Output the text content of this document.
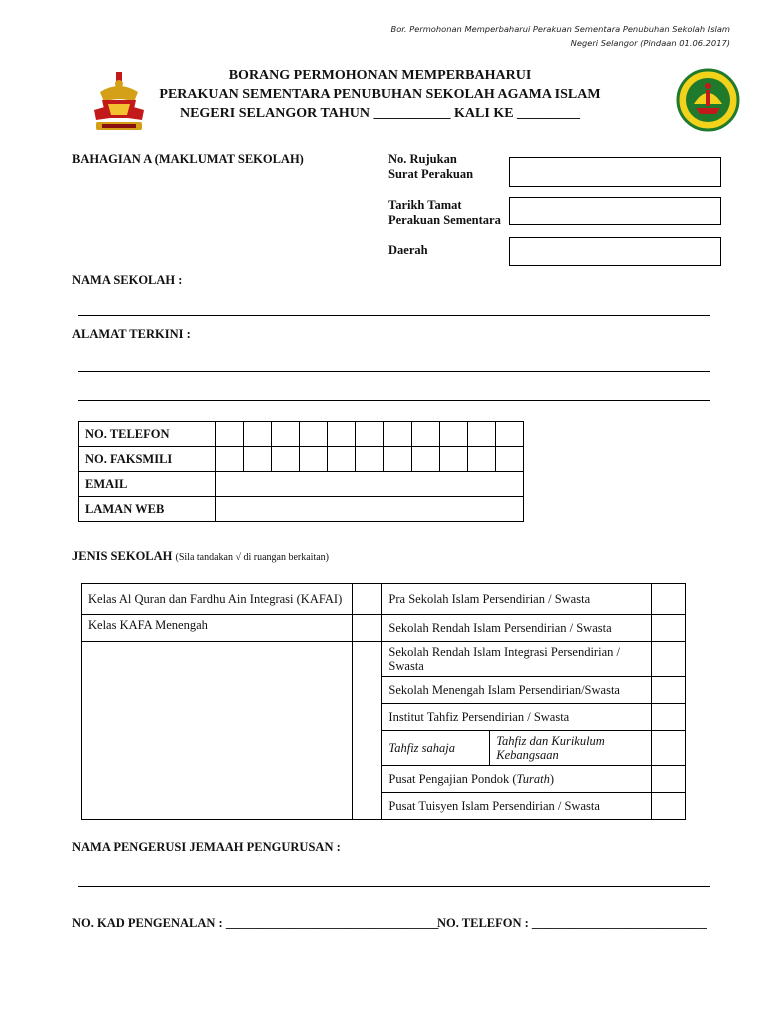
Bor. Permohonan Memperbaharui Perakuan Sementara Penubuhan Sekolah Islam
Negeri Selangor (Pindaan 01.06.2017)
BORANG PERMOHONAN MEMPERBAHARUI
PERAKUAN SEMENTARA PENUBUHAN SEKOLAH AGAMA ISLAM
NEGERI SELANGOR TAHUN ___________ KALI KE _________
BAHAGIAN A (MAKLUMAT SEKOLAH)	No. Rujukan
Surat Perakuan
Tarikh Tamat
Perakuan Sementara
Daerah
NAMA SEKOLAH :
ALAMAT TERKINI :
NO. TELEFON											
NO. FAKSMILI											
EMAIL											
LAMAN WEB											
JENIS SEKOLAH (Sila tandakan √ di ruangan berkaitan)
Kelas Al Quran dan Fardhu Ain Integrasi (KAFAI)		Pra Sekolah Islam Persendirian / Swasta		
Kelas KAFA Menengah		Sekolah Rendah Islam Persendirian / Swasta		
		Sekolah Rendah Islam Integrasi Persendirian / Swasta		
		Sekolah Menengah Islam Persendirian/Swasta		
		Institut Tahfiz Persendirian / Swasta		
		Tahfiz sahaja	Tahfiz dan Kurikulum Kebangsaan	
		Pusat Pengajian Pondok (Turath)		
		Pusat Tuisyen Islam Persendirian / Swasta		
NAMA PENGERUSI JEMAAH PENGURUSAN :
NO. KAD PENGENALAN : __________________________________
NO. TELEFON : ____________________________
